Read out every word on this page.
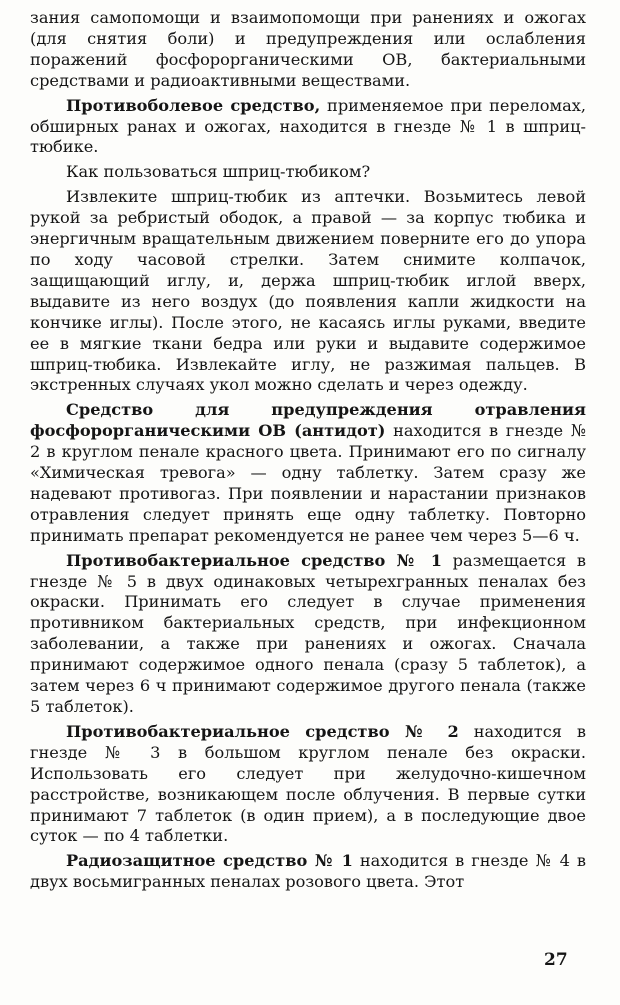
зания самопомощи и взаимопомощи при ранениях и ожогах (для снятия боли) и предупреждения или ослабления поражений фосфорорганическими ОВ, бактериальными средствами и радиоактивными веществами.

Противоболевое средство, применяемое при переломах, обширных ранах и ожогах, находится в гнезде № 1 в шприц-тюбике.

Как пользоваться шприц-тюбиком?

Извлеките шприц-тюбик из аптечки. Возьмитесь левой рукой за ребристый ободок, а правой — за корпус тюбика и энергичным вращательным движением поверните его до упора по ходу часовой стрелки. Затем снимите колпачок, защищающий иглу, и, держа шприц-тюбик иглой вверх, выдавите из него воздух (до появления капли жидкости на кончике иглы). После этого, не касаясь иглы руками, введите ее в мягкие ткани бедра или руки и выдавите содержимое шприц-тюбика. Извлекайте иглу, не разжимая пальцев. В экстренных случаях укол можно сделать и через одежду.

Средство для предупреждения отравления фосфорорганическими ОВ (антидот) находится в гнезде № 2 в круглом пенале красного цвета. Принимают его по сигналу «Химическая тревога» — одну таблетку. Затем сразу же надевают противогаз. При появлении и нарастании признаков отравления следует принять еще одну таблетку. Повторно принимать препарат рекомендуется не ранее чем через 5—6 ч.

Противобактериальное средство № 1 размещается в гнезде № 5 в двух одинаковых четырехгранных пеналах без окраски. Принимать его следует в случае применения противником бактериальных средств, при инфекционном заболевании, а также при ранениях и ожогах. Сначала принимают содержимое одного пенала (сразу 5 таблеток), а затем через 6 ч принимают содержимое другого пенала (также 5 таблеток).

Противобактериальное средство № 2 находится в гнезде № 3 в большом круглом пенале без окраски. Использовать его следует при желудочно-кишечном расстройстве, возникающем после облучения. В первые сутки принимают 7 таблеток (в один прием), а в последующие двое суток — по 4 таблетки.

Радиозащитное средство № 1 находится в гнезде № 4 в двух восьмигранных пеналах розового цвета. Этот

27
